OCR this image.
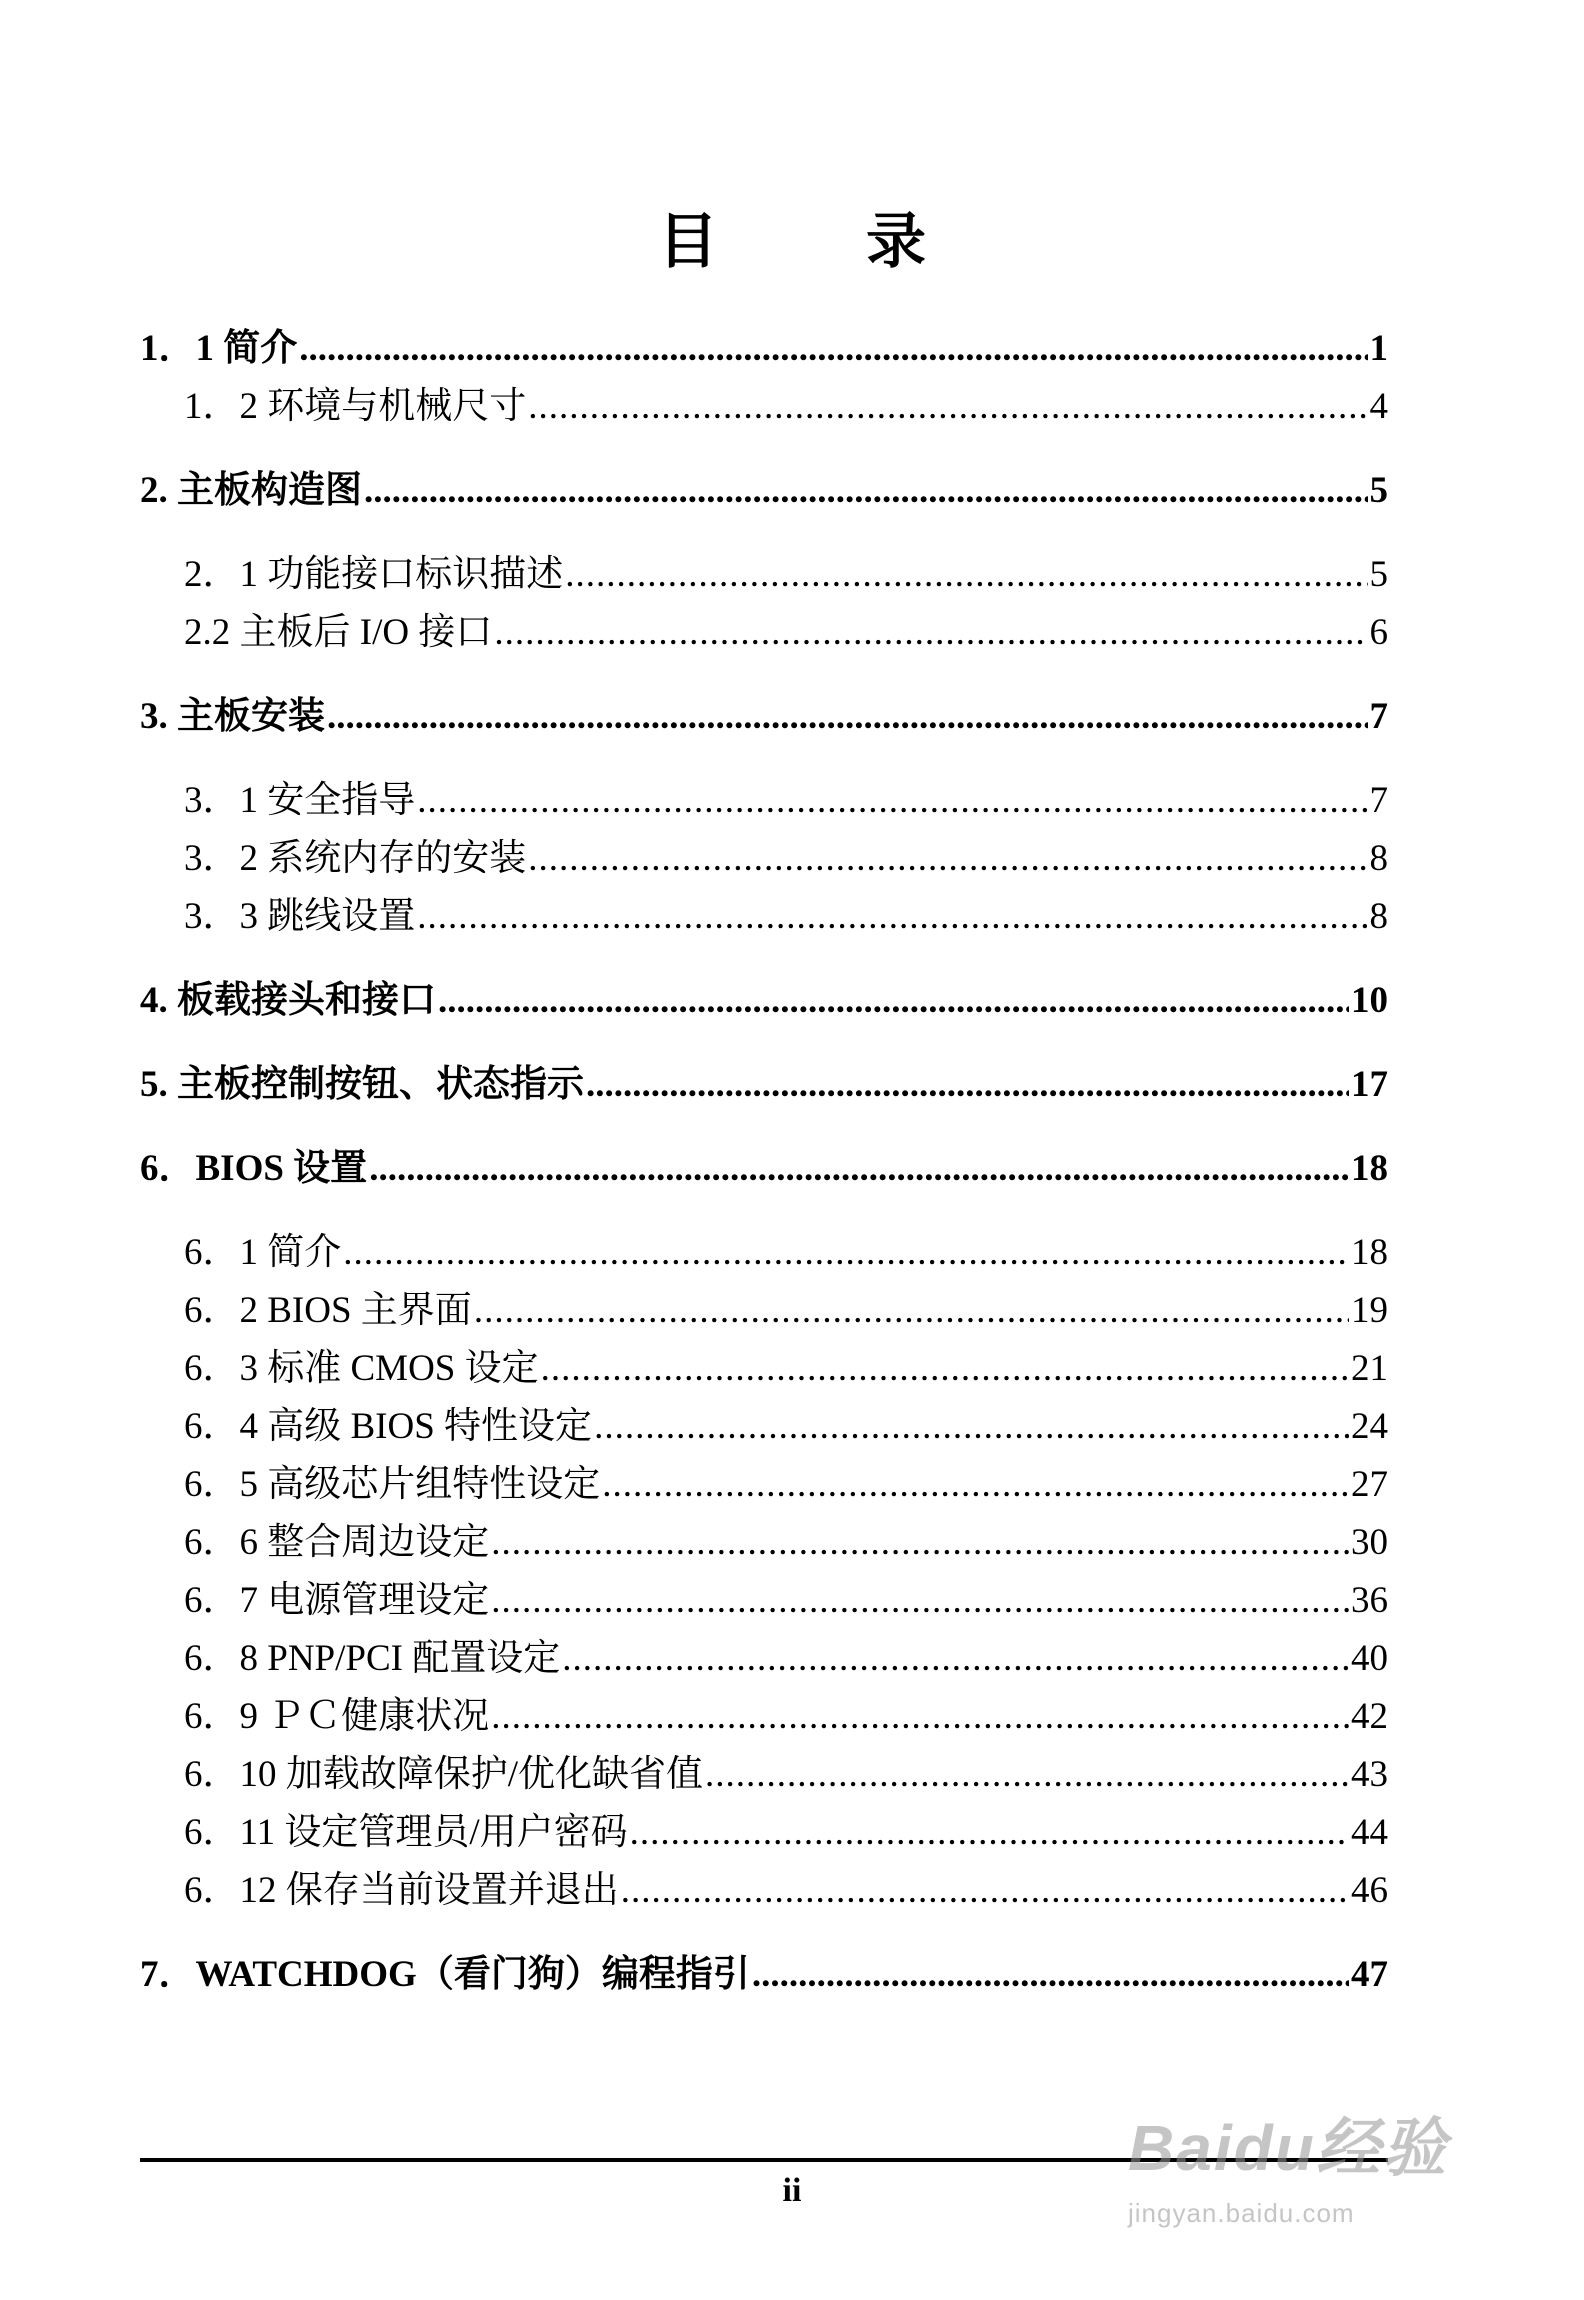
目　录
1．1 简介 .....	1
1．2 环境与机械尺寸 .....	4
2. 主板构造图 .....	5
2．1 功能接口标识描述 .....	5
2.2 主板后 I/O 接口 .....	6
3. 主板安装 .....	7
3．1 安全指导 .....	7
3．2 系统内存的安装 .....	8
3．3 跳线设置 .....	8
4. 板载接头和接口 .....	10
5. 主板控制按钮、状态指示 .....	17
6．BIOS 设置 .....	18
6．1 简介 .....	18
6．2 BIOS 主界面 .....	19
6．3 标准 CMOS 设定 .....	21
6．4 高级 BIOS 特性设定 .....	24
6．5 高级芯片组特性设定 .....	27
6．6 整合周边设定 .....	30
6．7 电源管理设定 .....	36
6．8 PNP/PCI 配置设定 .....	40
6．9 ＰＣ健康状况 .....	42
6．10 加载故障保护/优化缺省值 .....	43
6．11 设定管理员/用户密码 .....	44
6．12 保存当前设置并退出 .....	46
7．WATCHDOG（看门狗）编程指引 .....	47
ii
Baidu经验
jingyan.baidu.com
